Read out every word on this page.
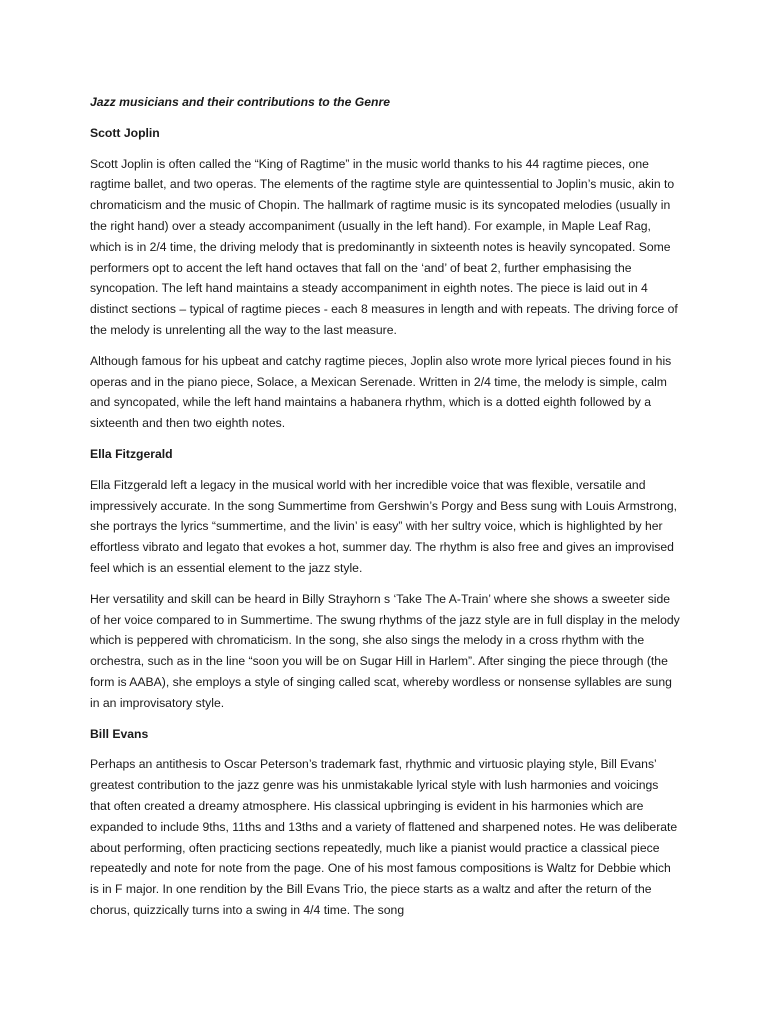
Jazz musicians and their contributions to the Genre

Scott Joplin

Scott Joplin is often called the “King of Ragtime” in the music world thanks to his 44 ragtime pieces, one ragtime ballet, and two operas. The elements of the ragtime style are quintessential to Joplin’s music, akin to chromaticism and the music of Chopin. The hallmark of ragtime music is its syncopated melodies (usually in the right hand) over a steady accompaniment (usually in the left hand). For example, in Maple Leaf Rag, which is in 2/4 time, the driving melody that is predominantly in sixteenth notes is heavily syncopated. Some performers opt to accent the left hand octaves that fall on the ‘and’ of beat 2, further emphasising the syncopation. The left hand maintains a steady accompaniment in eighth notes. The piece is laid out in 4 distinct sections – typical of ragtime pieces - each 8 measures in length and with repeats. The driving force of the melody is unrelenting all the way to the last measure.

Although famous for his upbeat and catchy ragtime pieces, Joplin also wrote more lyrical pieces found in his operas and in the piano piece, Solace, a Mexican Serenade. Written in 2/4 time, the melody is simple, calm and syncopated, while the left hand maintains a habanera rhythm, which is a dotted eighth followed by a sixteenth and then two eighth notes.

Ella Fitzgerald

Ella Fitzgerald left a legacy in the musical world with her incredible voice that was flexible, versatile and impressively accurate. In the song Summertime from Gershwin’s Porgy and Bess sung with Louis Armstrong, she portrays the lyrics “summertime, and the livin’ is easy” with her sultry voice, which is highlighted by her effortless vibrato and legato that evokes a hot, summer day. The rhythm is also free and gives an improvised feel which is an essential element to the jazz style.

Her versatility and skill can be heard in Billy Strayhorn s ‘Take The A-Train’ where she shows a sweeter side of her voice compared to in Summertime. The swung rhythms of the jazz style are in full display in the melody which is peppered with chromaticism. In the song, she also sings the melody in a cross rhythm with the orchestra, such as in the line “soon you will be on Sugar Hill in Harlem”. After singing the piece through (the form is AABA), she employs a style of singing called scat, whereby wordless or nonsense syllables are sung in an improvisatory style.

Bill Evans

Perhaps an antithesis to Oscar Peterson’s trademark fast, rhythmic and virtuosic playing style, Bill Evans’ greatest contribution to the jazz genre was his unmistakable lyrical style with lush harmonies and voicings that often created a dreamy atmosphere. His classical upbringing is evident in his harmonies which are expanded to include 9ths, 11ths and 13ths and a variety of flattened and sharpened notes. He was deliberate about performing, often practicing sections repeatedly, much like a pianist would practice a classical piece repeatedly and note for note from the page. One of his most famous compositions is Waltz for Debbie which is in F major. In one rendition by the Bill Evans Trio, the piece starts as a waltz and after the return of the chorus, quizzically turns into a swing in 4/4 time. The song
